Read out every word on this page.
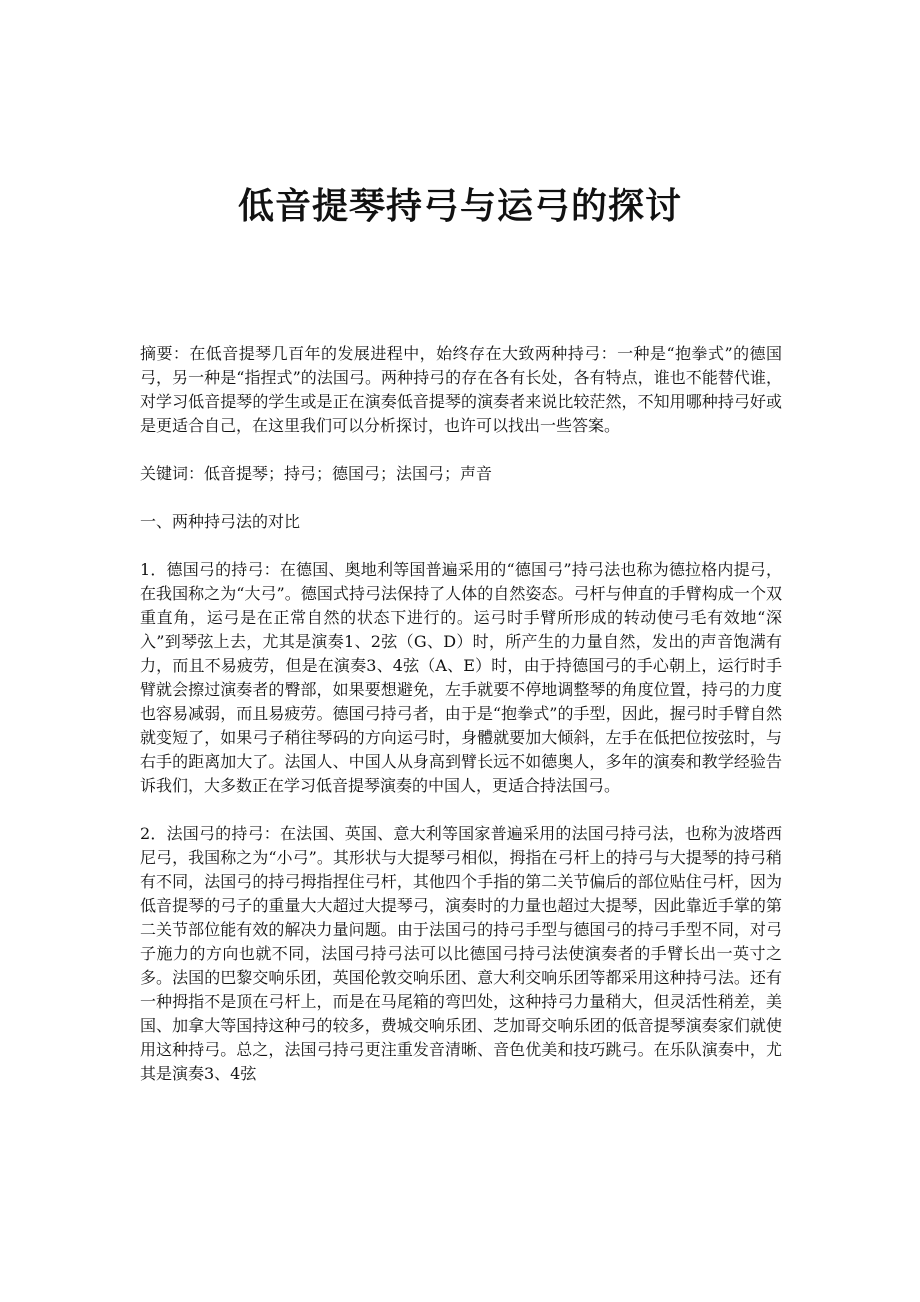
低音提琴持弓与运弓的探讨

摘要：在低音提琴几百年的发展进程中，始终存在大致两种持弓：一种是“抱拳式”的德国弓，另一种是“指捏式”的法国弓。两种持弓的存在各有长处，各有特点，谁也不能替代谁，对学习低音提琴的学生或是正在演奏低音提琴的演奏者来说比较茫然，不知用哪种持弓好或是更适合自己，在这里我们可以分析探讨，也许可以找出一些答案。

关键词：低音提琴；持弓；德国弓；法国弓；声音

一、两种持弓法的对比

1．德国弓的持弓：在德国、奥地利等国普遍采用的“德国弓”持弓法也称为德拉格内提弓，在我国称之为“大弓”。德国式持弓法保持了人体的自然姿态。弓杆与伸直的手臂构成一个双重直角，运弓是在正常自然的状态下进行的。运弓时手臂所形成的转动使弓毛有效地“深入”到琴弦上去，尤其是演奏1、2弦（G、D）时，所产生的力量自然，发出的声音饱满有力，而且不易疲劳，但是在演奏3、4弦（A、E）时，由于持德国弓的手心朝上，运行时手臂就会擦过演奏者的臀部，如果要想避免，左手就要不停地调整琴的角度位置，持弓的力度也容易减弱，而且易疲劳。德国弓持弓者，由于是“抱拳式”的手型，因此，握弓时手臂自然就变短了，如果弓子稍往琴码的方向运弓时，身體就要加大倾斜，左手在低把位按弦时，与右手的距离加大了。法国人、中国人从身高到臂长远不如德奥人，多年的演奏和教学经验告诉我们，大多数正在学习低音提琴演奏的中国人，更适合持法国弓。

2．法国弓的持弓：在法国、英国、意大利等国家普遍采用的法国弓持弓法，也称为波塔西尼弓，我国称之为“小弓”。其形状与大提琴弓相似，拇指在弓杆上的持弓与大提琴的持弓稍有不同，法国弓的持弓拇指捏住弓杆，其他四个手指的第二关节偏后的部位贴住弓杆，因为低音提琴的弓子的重量大大超过大提琴弓，演奏时的力量也超过大提琴，因此靠近手掌的第二关节部位能有效的解决力量问题。由于法国弓的持弓手型与德国弓的持弓手型不同，对弓子施力的方向也就不同，法国弓持弓法可以比德国弓持弓法使演奏者的手臂长出一英寸之多。法国的巴黎交响乐团，英国伦敦交响乐团、意大利交响乐团等都采用这种持弓法。还有一种拇指不是顶在弓杆上，而是在马尾箱的弯凹处，这种持弓力量稍大，但灵活性稍差，美国、加拿大等国持这种弓的较多，费城交响乐团、芝加哥交响乐团的低音提琴演奏家们就使用这种持弓。总之，法国弓持弓更注重发音清晰、音色优美和技巧跳弓。在乐队演奏中，尤其是演奏3、4弦
